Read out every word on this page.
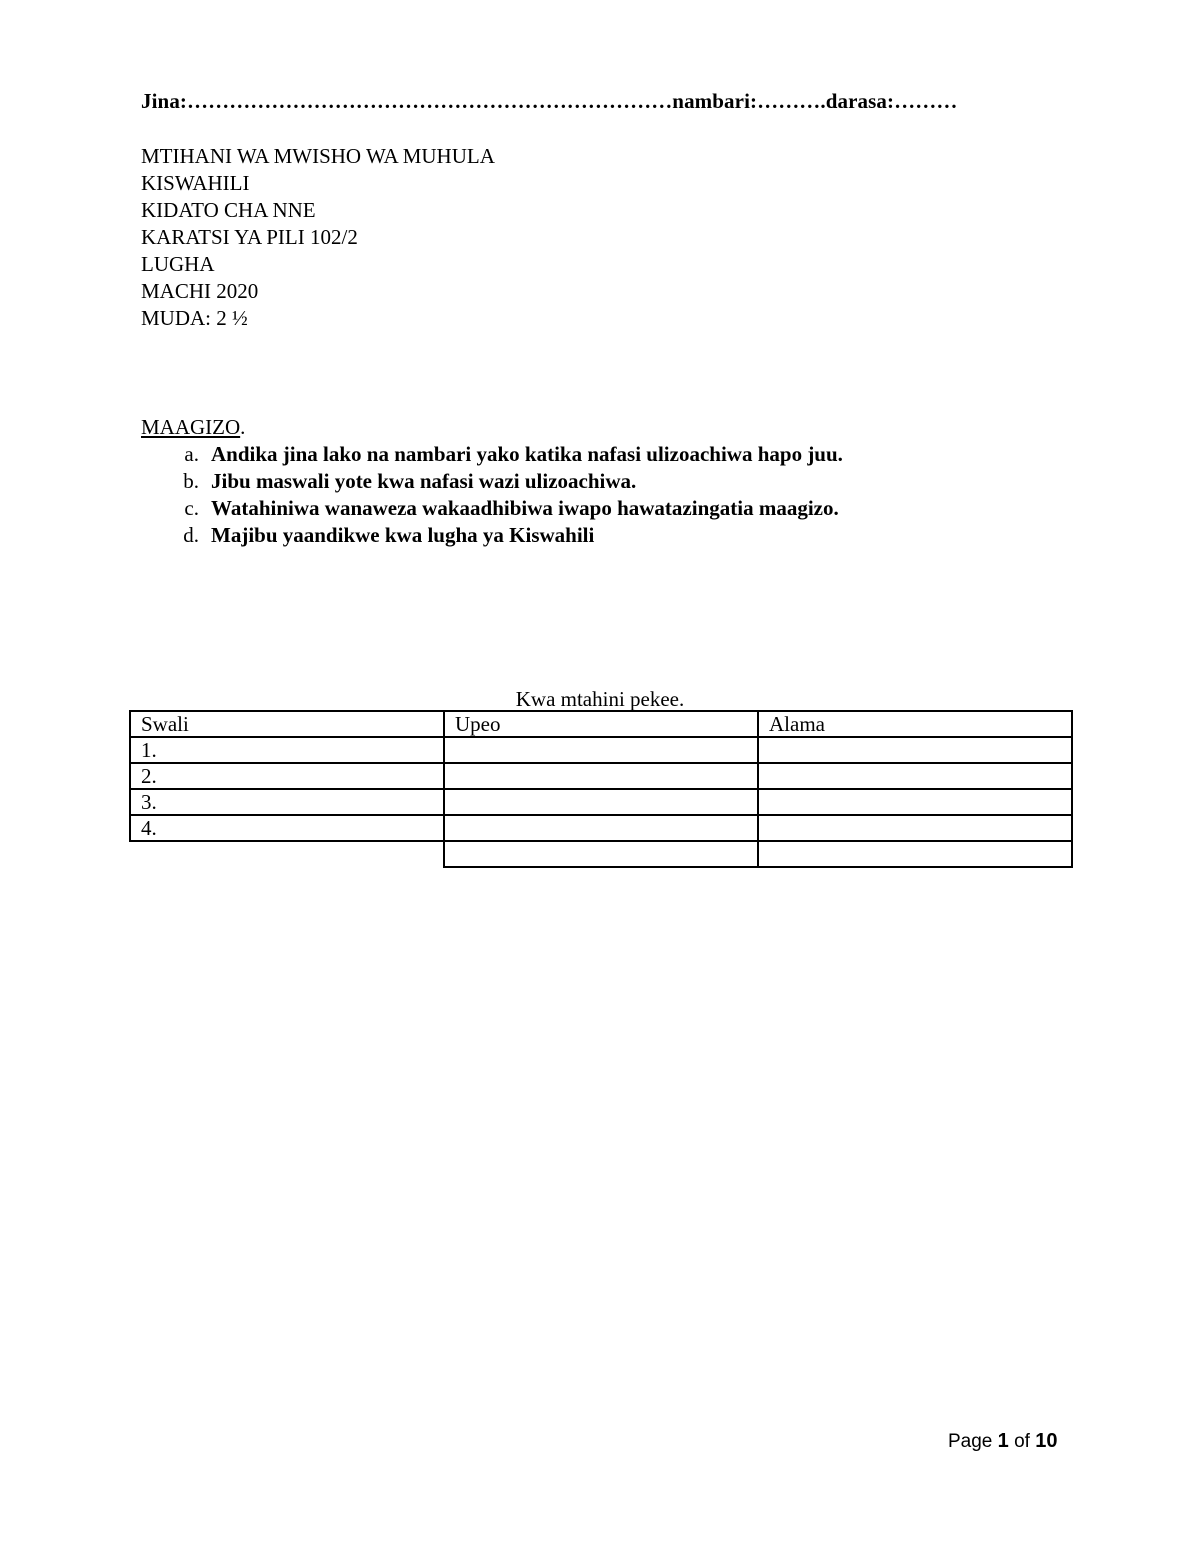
Jina:……………………………………………………………nambari:……….darasa:………
MTIHANI WA MWISHO WA MUHULA
KISWAHILI
KIDATO CHA NNE
KARATSI YA PILI 102/2
LUGHA
MACHI 2020
MUDA: 2 ½
MAAGIZO.
a. Andika jina lako na nambari yako katika nafasi ulizoachiwa hapo juu.
b. Jibu maswali yote kwa nafasi wazi ulizoachiwa.
c. Watahiniwa wanaweza wakaadhibiwa iwapo hawatazingatia maagizo.
d. Majibu yaandikwe kwa lugha ya Kiswahili
Kwa mtahini pekee.
Swali	Upeo	Alama
1.		
2.		
3.		
4.		

Page 1 of 10
